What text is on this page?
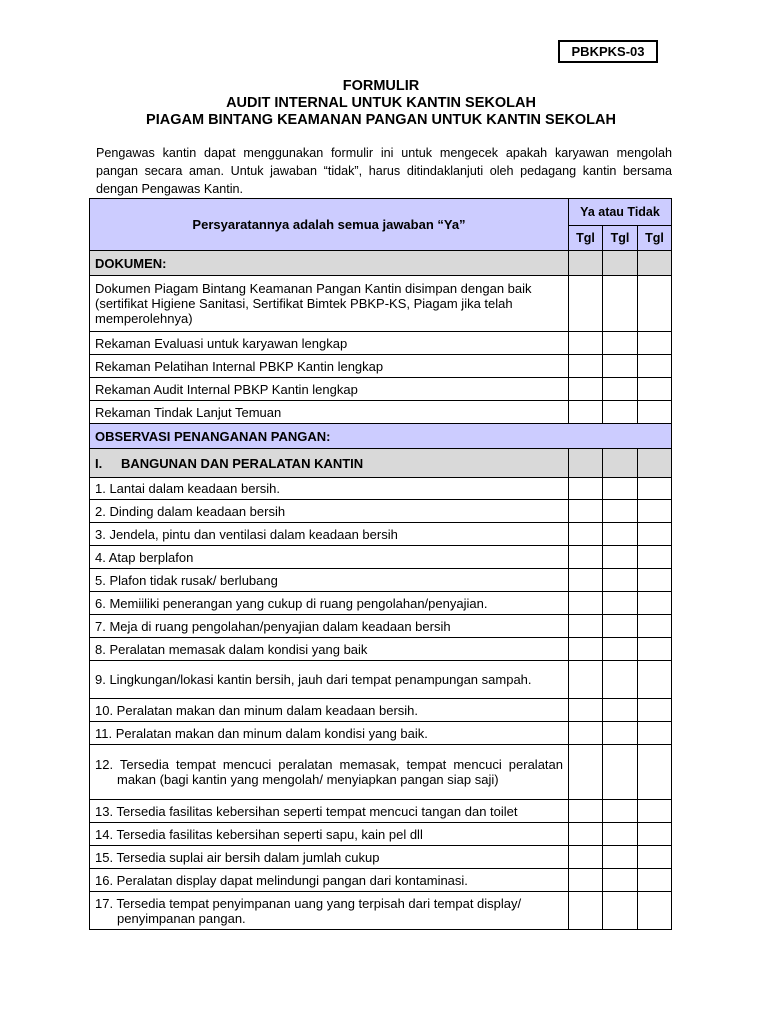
PBKPKS-03
FORMULIR
AUDIT INTERNAL UNTUK KANTIN SEKOLAH
PIAGAM BINTANG KEAMANAN PANGAN UNTUK KANTIN SEKOLAH
Pengawas kantin dapat menggunakan formulir ini untuk mengecek apakah karyawan mengolah pangan secara aman. Untuk jawaban “tidak”, harus ditindaklanjuti oleh pedagang kantin bersama dengan Pengawas Kantin.
Persyaratannya adalah semua jawaban “Ya”	Ya atau Tidak		
	Tgl	Tgl	Tgl
DOKUMEN:			
Dokumen Piagam Bintang Keamanan Pangan Kantin disimpan dengan baik (sertifikat Higiene Sanitasi, Sertifikat Bimtek PBKP-KS, Piagam jika telah memperolehnya)			
Rekaman Evaluasi untuk karyawan lengkap			
Rekaman Pelatihan Internal PBKP Kantin lengkap			
Rekaman Audit Internal PBKP Kantin lengkap			
Rekaman Tindak Lanjut Temuan			
OBSERVASI PENANGANAN PANGAN:			
I. BANGUNAN DAN PERALATAN KANTIN			
1. Lantai dalam keadaan bersih.			
2. Dinding dalam keadaan bersih			
3. Jendela, pintu dan ventilasi dalam keadaan bersih			
4. Atap berplafon			
5. Plafon tidak rusak/ berlubang			
6. Memiiliki penerangan yang cukup di ruang pengolahan/penyajian.			
7. Meja di ruang pengolahan/penyajian dalam keadaan bersih			
8. Peralatan memasak dalam kondisi yang baik			
9. Lingkungan/lokasi kantin bersih, jauh dari tempat penampungan sampah.			
10. Peralatan makan dan minum dalam keadaan bersih.			
11. Peralatan makan dan minum dalam kondisi yang baik.			
12. Tersedia tempat mencuci peralatan memasak, tempat mencuci peralatan makan (bagi kantin yang mengolah/ menyiapkan pangan siap saji)			
13. Tersedia fasilitas kebersihan seperti tempat mencuci tangan dan toilet			
14. Tersedia fasilitas kebersihan seperti sapu, kain pel dll			
15. Tersedia suplai air bersih dalam jumlah cukup			
16. Peralatan display dapat melindungi pangan dari kontaminasi.			
17. Tersedia tempat penyimpanan uang yang terpisah dari tempat display/ penyimpanan pangan.			
